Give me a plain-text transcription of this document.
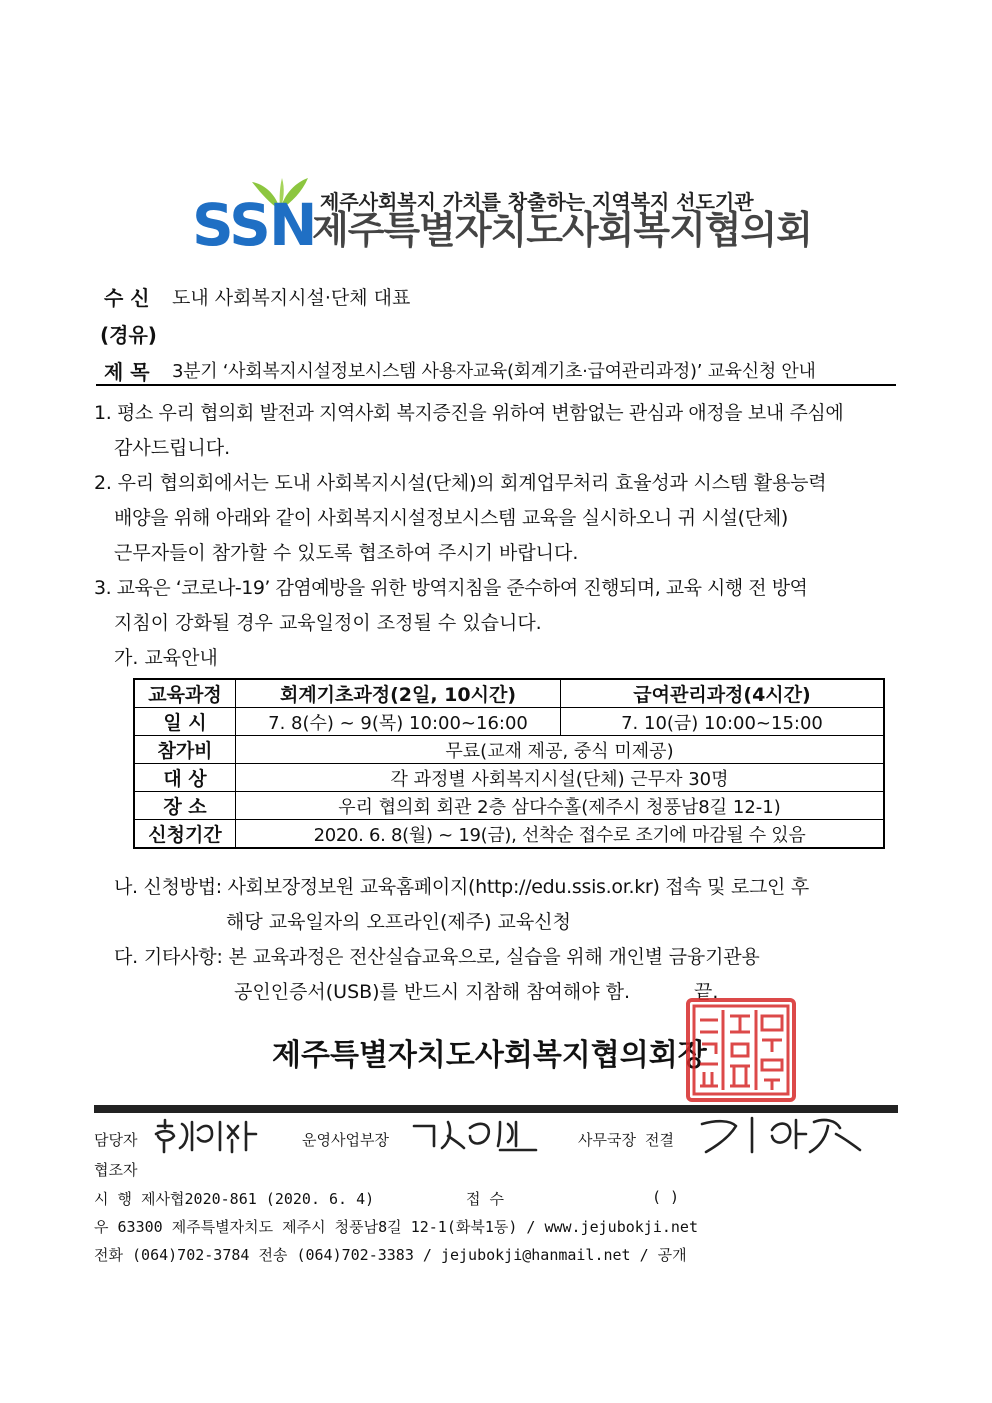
SSN 제주사회복지 가치를 창출하는 지역복지 선도기관
제주특별자치도사회복지협의회
수 신 도내 사회복지시설·단체 대표
(경유)
제 목 3분기 ‘사회복지시설정보시스템 사용자교육(회계기초·급여관리과정)’ 교육신청 안내
1. 평소 우리 협의회 발전과 지역사회 복지증진을 위하여 변함없는 관심과 애정을 보내 주심에
감사드립니다.
2. 우리 협의회에서는 도내 사회복지시설(단체)의 회계업무처리 효율성과 시스템 활용능력
배양을 위해 아래와 같이 사회복지시설정보시스템 교육을 실시하오니 귀 시설(단체)
근무자들이 참가할 수 있도록 협조하여 주시기 바랍니다.
3. 교육은 ‘코로나-19’ 감염예방을 위한 방역지침을 준수하여 진행되며, 교육 시행 전 방역
지침이 강화될 경우 교육일정이 조정될 수 있습니다.
가. 교육안내
교육과정	회계기초과정(2일, 10시간)	급여관리과정(4시간)
일 시	7. 8(수) ~ 9(목) 10:00~16:00	7. 10(금) 10:00~15:00
참가비	무료(교재 제공, 중식 미제공)	
대 상	각 과정별 사회복지시설(단체) 근무자 30명	
장 소	우리 협의회 회관 2층 삼다수홀(제주시 청풍남8길 12-1)	
신청기간	2020. 6. 8(월) ~ 19(금), 선착순 접수로 조기에 마감될 수 있음	
나. 신청방법: 사회보장정보원 교육홈페이지(http://edu.ssis.or.kr) 접속 및 로그인 후
해당 교육일자의 오프라인(제주) 교육신청
다. 기타사항: 본 교육과정은 전산실습교육으로, 실습을 위해 개인별 금융기관용
공인인증서(USB)를 반드시 지참해 참여해야 함.	끝.
제주특별자치도사회복지협의회장
담당자	운영사업부장	사무국장 전결
협조자
시 행 제사협2020-861 (2020. 6. 4)	접 수	( )
우 63300 제주특별자치도 제주시 청풍남8길 12-1(화북1동) / www.jejubokji.net
전화 (064)702-3784 전송 (064)702-3383 / jejubokji@hanmail.net / 공개
